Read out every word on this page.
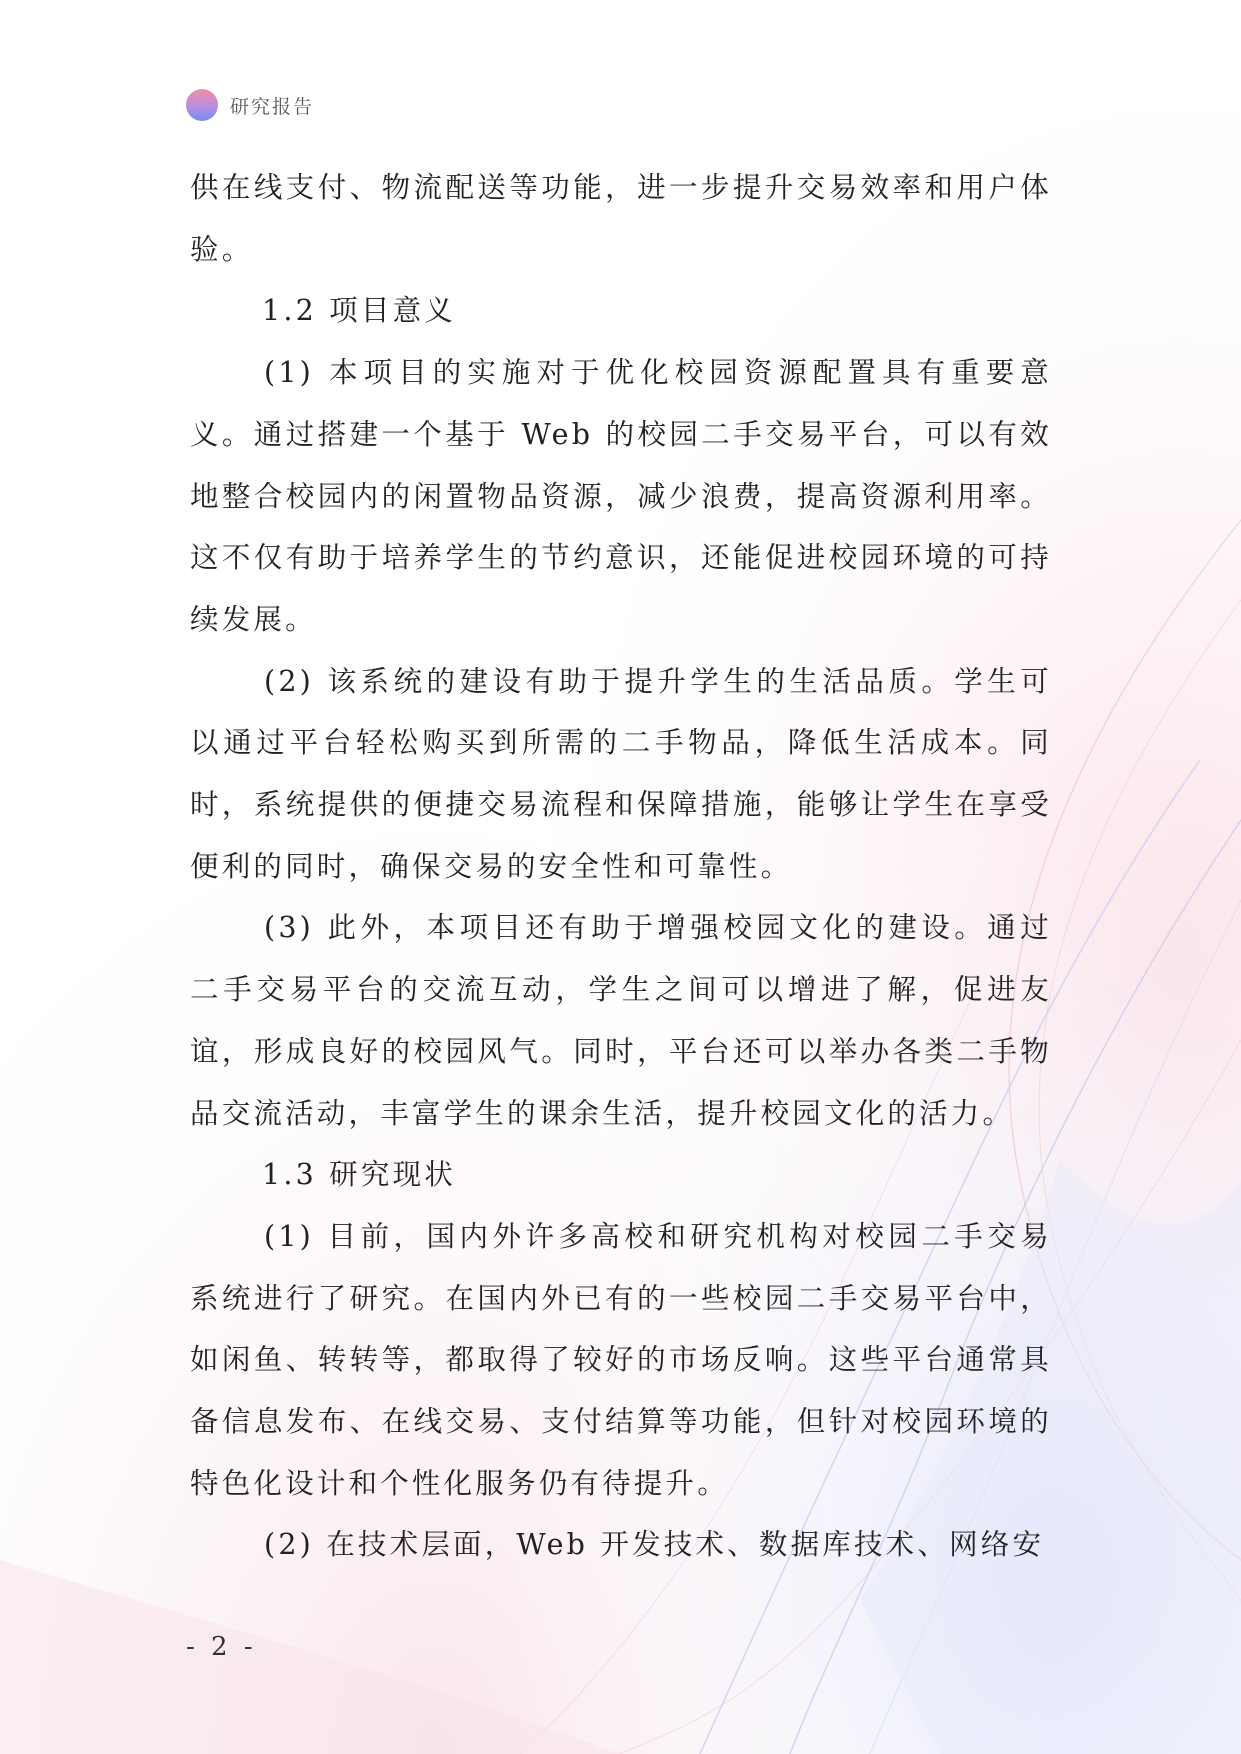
研究报告

供在线支付、物流配送等功能，进一步提升交易效率和用户体验。

1.2 项目意义

(1) 本项目的实施对于优化校园资源配置具有重要意义。通过搭建一个基于 Web 的校园二手交易平台，可以有效地整合校园内的闲置物品资源，减少浪费，提高资源利用率。这不仅有助于培养学生的节约意识，还能促进校园环境的可持续发展。

(2) 该系统的建设有助于提升学生的生活品质。学生可以通过平台轻松购买到所需的二手物品，降低生活成本。同时，系统提供的便捷交易流程和保障措施，能够让学生在享受便利的同时，确保交易的安全性和可靠性。

(3) 此外，本项目还有助于增强校园文化的建设。通过二手交易平台的交流互动，学生之间可以增进了解，促进友谊，形成良好的校园风气。同时，平台还可以举办各类二手物品交流活动，丰富学生的课余生活，提升校园文化的活力。

1.3 研究现状

(1) 目前，国内外许多高校和研究机构对校园二手交易系统进行了研究。在国内外已有的一些校园二手交易平台中，如闲鱼、转转等，都取得了较好的市场反响。这些平台通常具备信息发布、在线交易、支付结算等功能，但针对校园环境的特色化设计和个性化服务仍有待提升。

(2) 在技术层面，Web 开发技术、数据库技术、网络安

- 2 -
